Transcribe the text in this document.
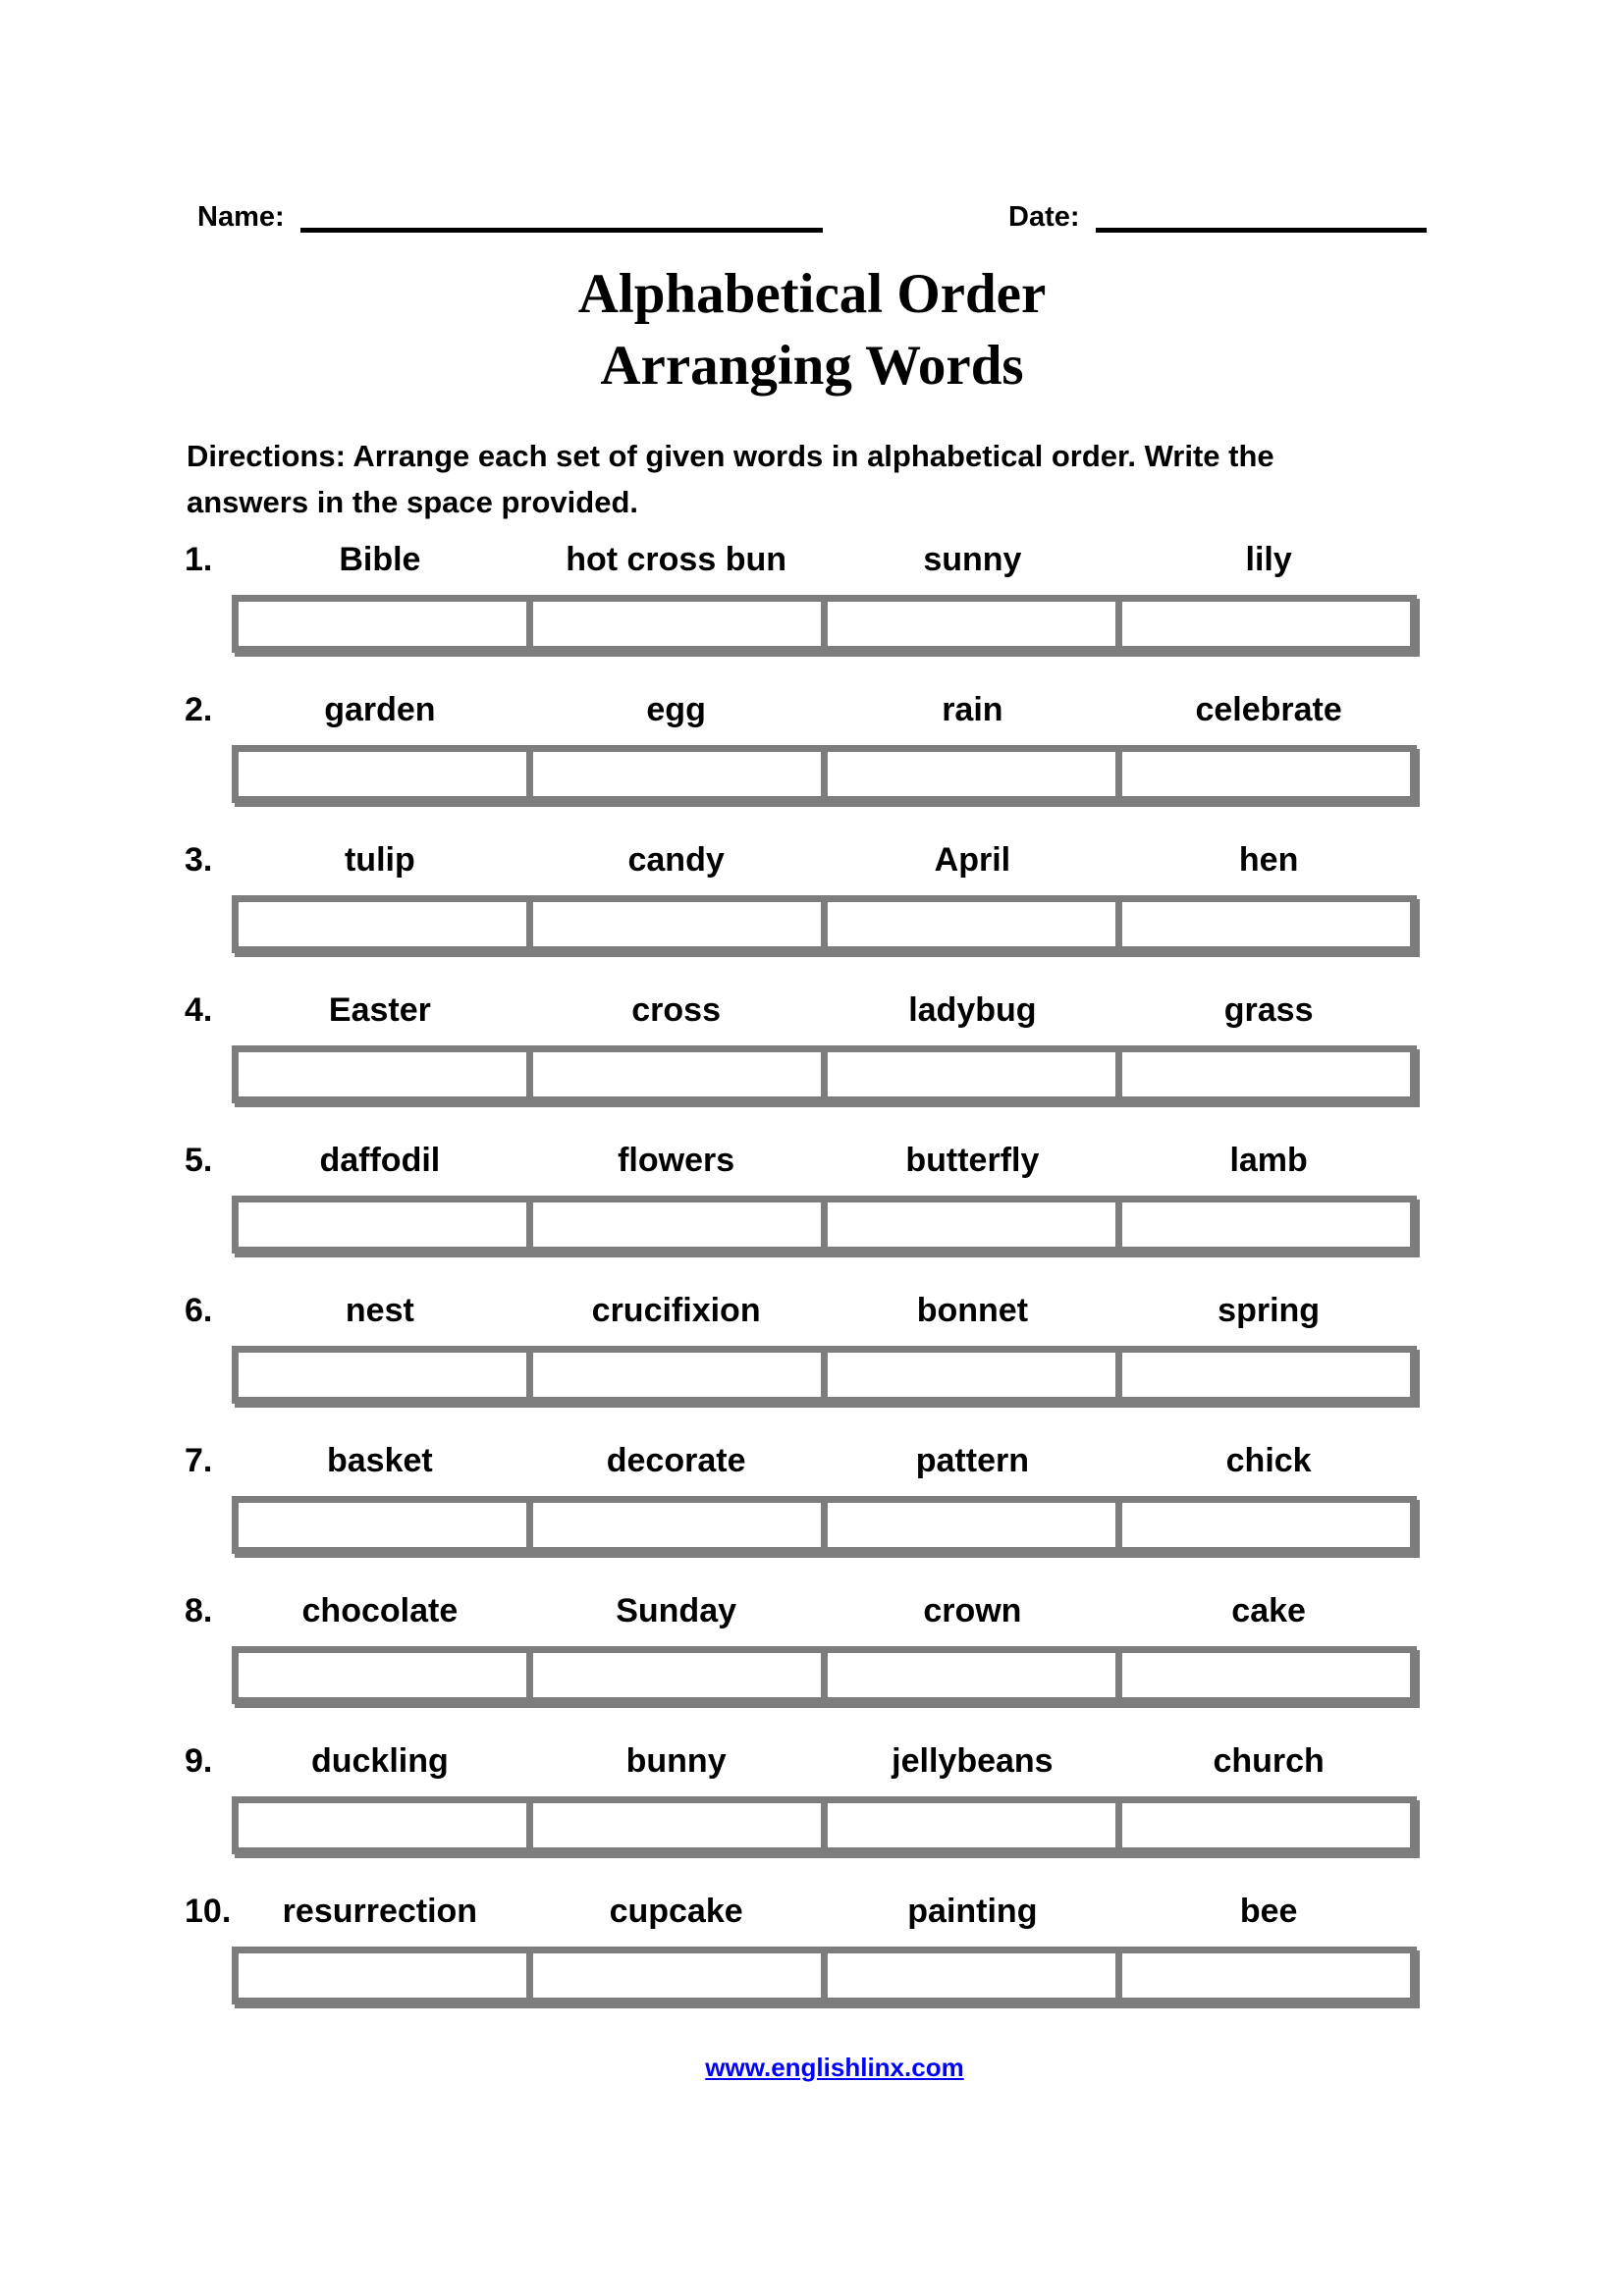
Name:	Date:
Alphabetical Order
Arranging Words
Directions: Arrange each set of given words in alphabetical order. Write the
answers in the space provided.
1.	Bible	hot cross bun	sunny	lily
2.	garden	egg	rain	celebrate
3.	tulip	candy	April	hen
4.	Easter	cross	ladybug	grass
5.	daffodil	flowers	butterfly	lamb
6.	nest	crucifixion	bonnet	spring
7.	basket	decorate	pattern	chick
8.	chocolate	Sunday	crown	cake
9.	duckling	bunny	jellybeans	church
10.	resurrection	cupcake	painting	bee
www.englishlinx.com
